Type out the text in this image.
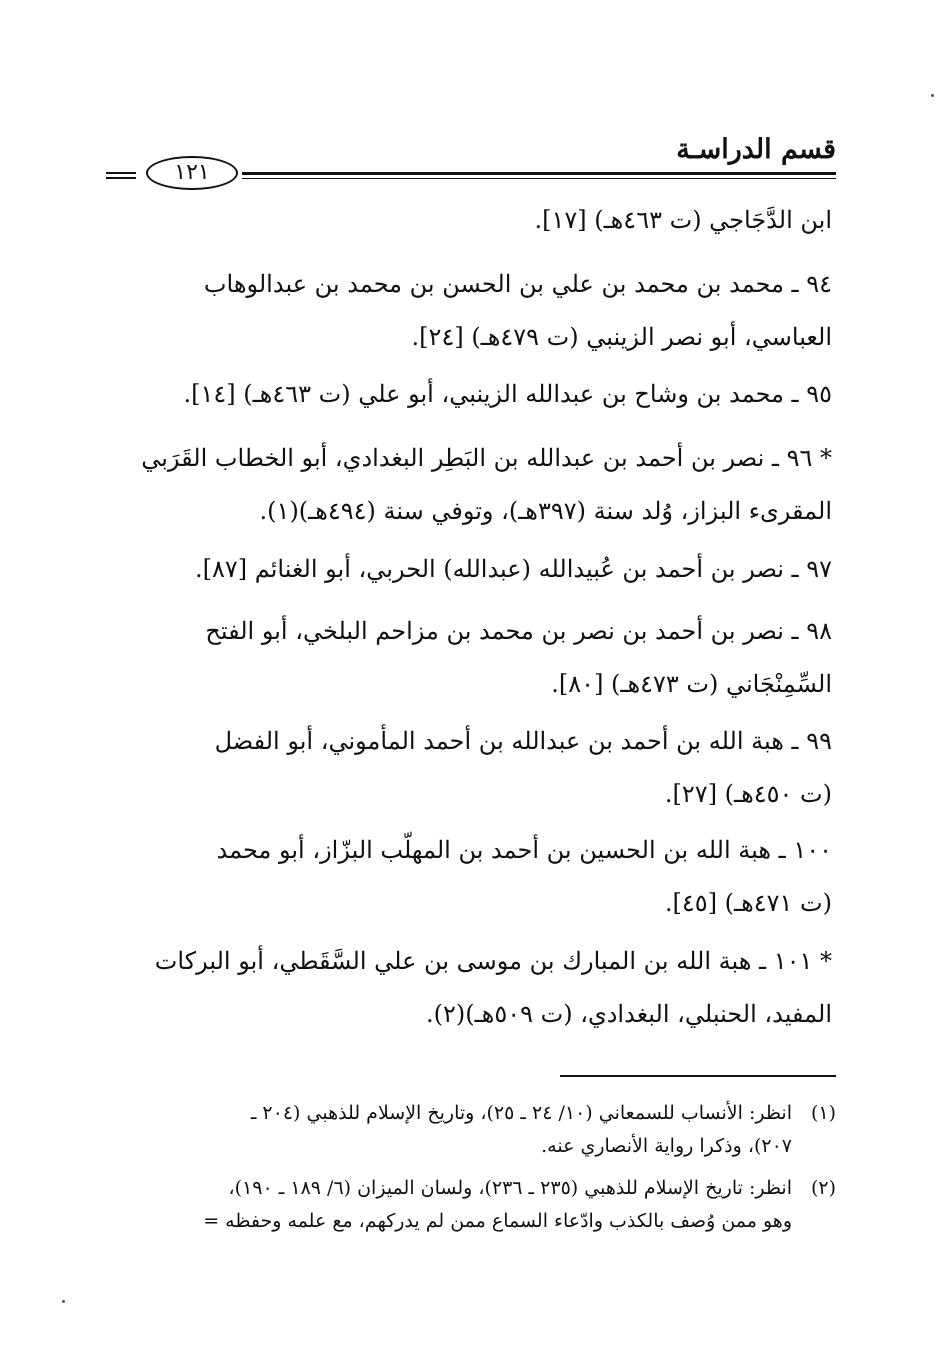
قسم الدراسـة
١٢١
ابن الدَّجَاجي (ت ٤٦٣هـ) [١٧].
٩٤ ـ محمد بن محمد بن علي بن الحسن بن محمد بن عبدالوهاب
العباسي، أبو نصر الزينبي (ت ٤٧٩هـ) [٢٤].
٩٥ ـ محمد بن وشاح بن عبدالله الزينبي، أبو علي (ت ٤٦٣هـ) [١٤].
* ٩٦ ـ نصر بن أحمد بن عبدالله بن البَطِر البغدادي، أبو الخطاب القَرَبي
المقرىء البزاز، وُلد سنة (٣٩٧هـ)، وتوفي سنة (٤٩٤هـ)(١).
٩٧ ـ نصر بن أحمد بن عُبيدالله (عبدالله) الحربي، أبو الغنائم [٨٧].
٩٨ ـ نصر بن أحمد بن نصر بن محمد بن مزاحم البلخي، أبو الفتح
السِّمِنْجَاني (ت ٤٧٣هـ) [٨٠].
٩٩ ـ هبة الله بن أحمد بن عبدالله بن أحمد المأموني، أبو الفضل
(ت ٤٥٠هـ) [٢٧].
١٠٠ ـ هبة الله بن الحسين بن أحمد بن المهلّب البزّاز، أبو محمد
(ت ٤٧١هـ) [٤٥].
* ١٠١ ـ هبة الله بن المبارك بن موسى بن علي السَّقَطي، أبو البركات
المفيد، الحنبلي، البغدادي، (ت ٥٠٩هـ)(٢).
(١)انظر: الأنساب للسمعاني (١٠/ ٢٤ ـ ٢٥)، وتاريخ الإسلام للذهبي (٢٠٤ ـ
٢٠٧)، وذكرا رواية الأنصاري عنه.
(٢)انظر: تاريخ الإسلام للذهبي (٢٣٥ ـ ٢٣٦)، ولسان الميزان (٦/ ١٨٩ ـ ١٩٠)،
وهو ممن وُصف بالكذب وادّعاء السماع ممن لم يدركهم، مع علمه وحفظه =
